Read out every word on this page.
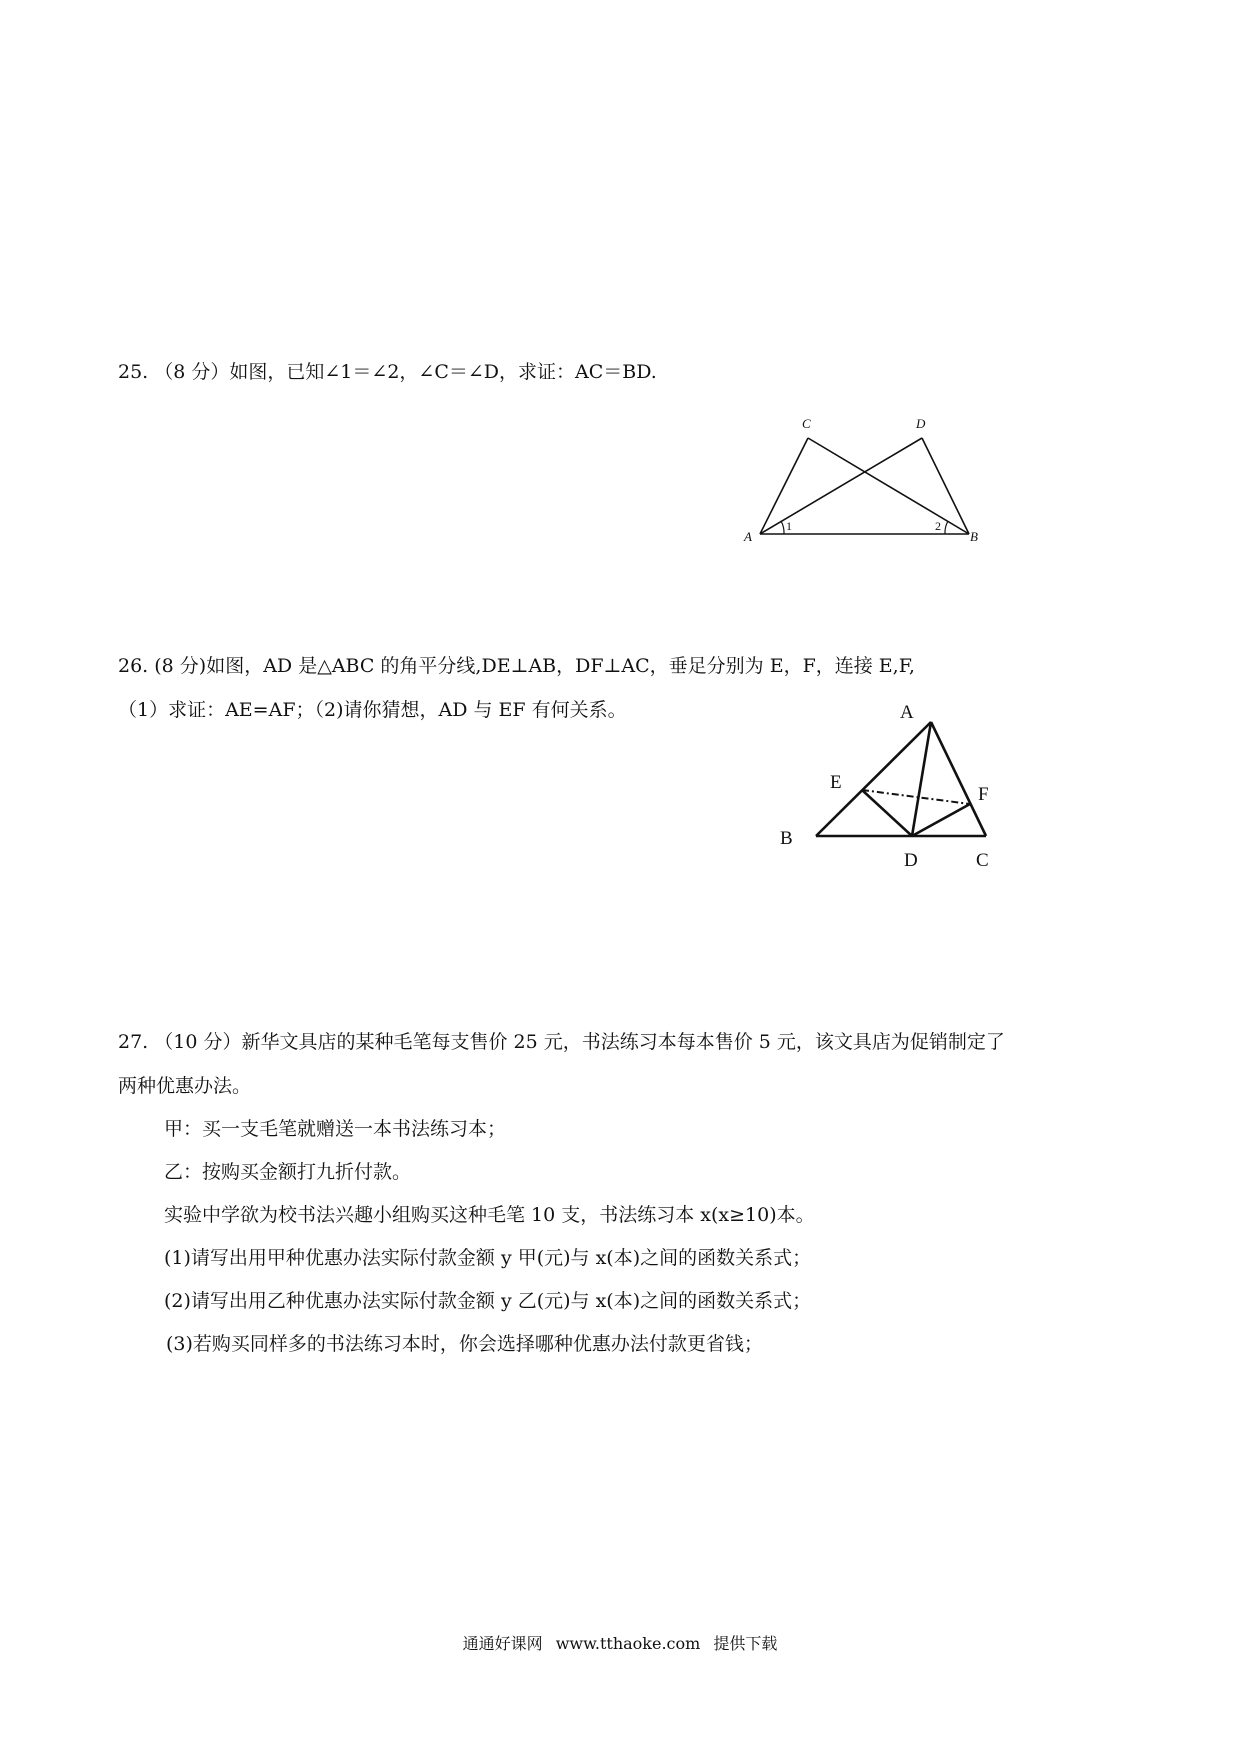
25. （8 分）如图，已知∠1＝∠2，∠C＝∠D，求证：AC＝BD.
A	B
C	D
1	2
26. (8 分)如图，AD 是△ABC 的角平分线,DE⊥AB，DF⊥AC，垂足分别为 E，F，连接 E,F,
（1）求证：AE=AF；（2)请你猜想，AD 与 EF 有何关系。	A
B
C
D
E
F
27. （10 分）新华文具店的某种毛笔每支售价 25 元，书法练习本每本售价 5 元，该文具店为促销制定了
两种优惠办法。
甲：买一支毛笔就赠送一本书法练习本；
乙：按购买金额打九折付款。
实验中学欲为校书法兴趣小组购买这种毛笔 10 支，书法练习本 x(x≥10)本。
(1)请写出用甲种优惠办法实际付款金额 y 甲(元)与 x(本)之间的函数关系式；
(2)请写出用乙种优惠办法实际付款金额 y 乙(元)与 x(本)之间的函数关系式；
(3)若购买同样多的书法练习本时，你会选择哪种优惠办法付款更省钱；
通通好课网 www.tthaoke.com 提供下载
